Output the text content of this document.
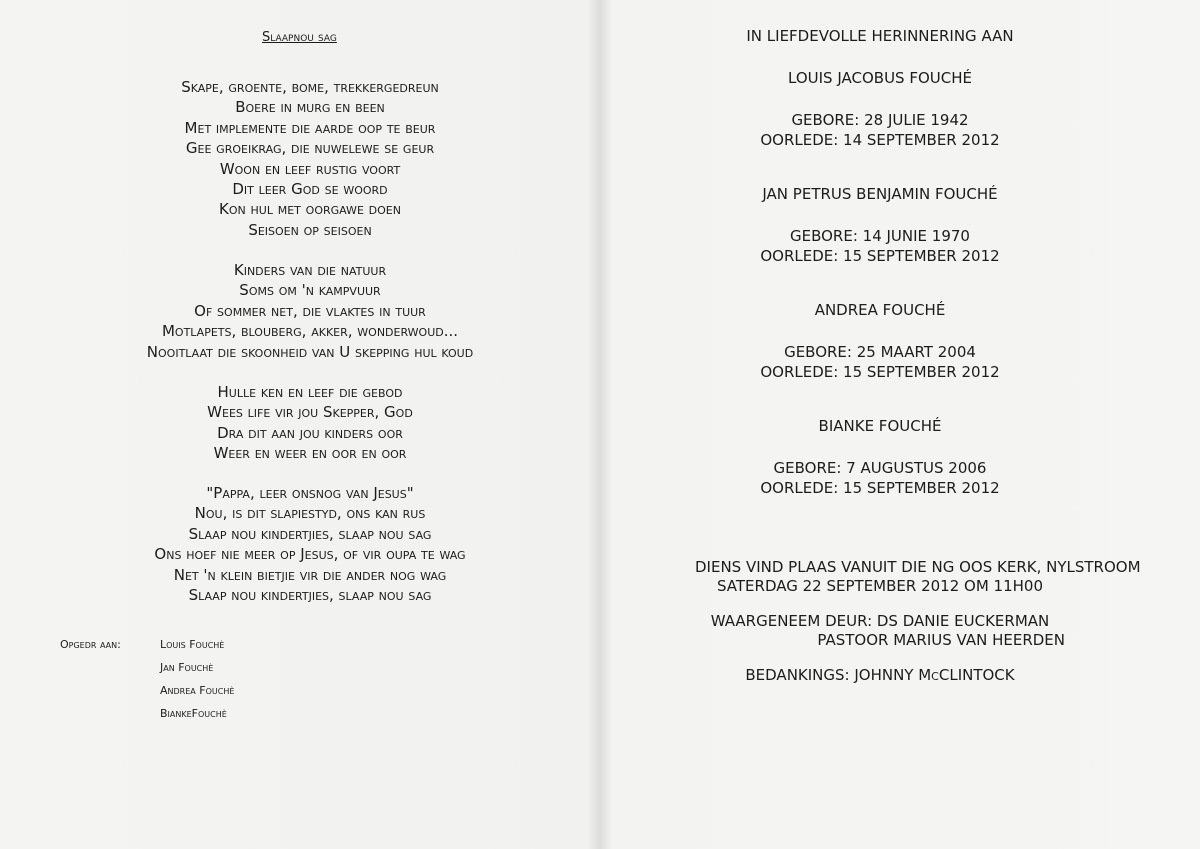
Slaapnou sag
Skape, groente, bome, trekkergedreun
Boere in murg en been
Met implemente die aarde oop te beur
Gee groeikrag, die nuwelewe se geur
Woon en leef rustig voort
Dit leer God se woord
Kon hul met oorgawe doen
Seisoen op seisoen
Kinders van die natuur
Soms om 'n kampvuur
Of sommer net, die vlaktes in tuur
Motlapets, blouberg, akker, wonderwoud...
Nooitlaat die skoonheid van U skepping hul koud
Hulle ken en leef die gebod
Wees life vir jou Skepper, God
Dra dit aan jou kinders oor
Weer en weer en oor en oor
"Pappa, leer onsnog van Jesus"
Nou, is dit slapiestyd, ons kan rus
Slaap nou kindertjies, slaap nou sag
Ons hoef nie meer op Jesus, of vir oupa te wag
Net 'n klein bietjie vir die ander nog wag
Slaap nou kindertjies, slaap nou sag
Opgedr aan:	Louis Fouchè
Jan Fouchè
Andrea Fouchè
BiankeFouchè
IN LIEFDEVOLLE HERINNERING AAN
LOUIS JACOBUS FOUCHÉ
GEBORE: 28 JULIE 1942
OORLEDE: 14 SEPTEMBER 2012
JAN PETRUS BENJAMIN FOUCHÉ
GEBORE: 14 JUNIE 1970
OORLEDE: 15 SEPTEMBER 2012
ANDREA FOUCHÉ
GEBORE: 25 MAART 2004
OORLEDE: 15 SEPTEMBER 2012
BIANKE FOUCHÉ
GEBORE: 7 AUGUSTUS 2006
OORLEDE: 15 SEPTEMBER 2012
DIENS VIND PLAAS VANUIT DIE NG OOS KERK, NYLSTROOM
SATERDAG 22 SEPTEMBER 2012 OM 11H00
WAARGENEEM DEUR: DS DANIE EUCKERMAN
PASTOOR MARIUS VAN HEERDEN
BEDANKINGS: JOHNNY McCLINTOCK
